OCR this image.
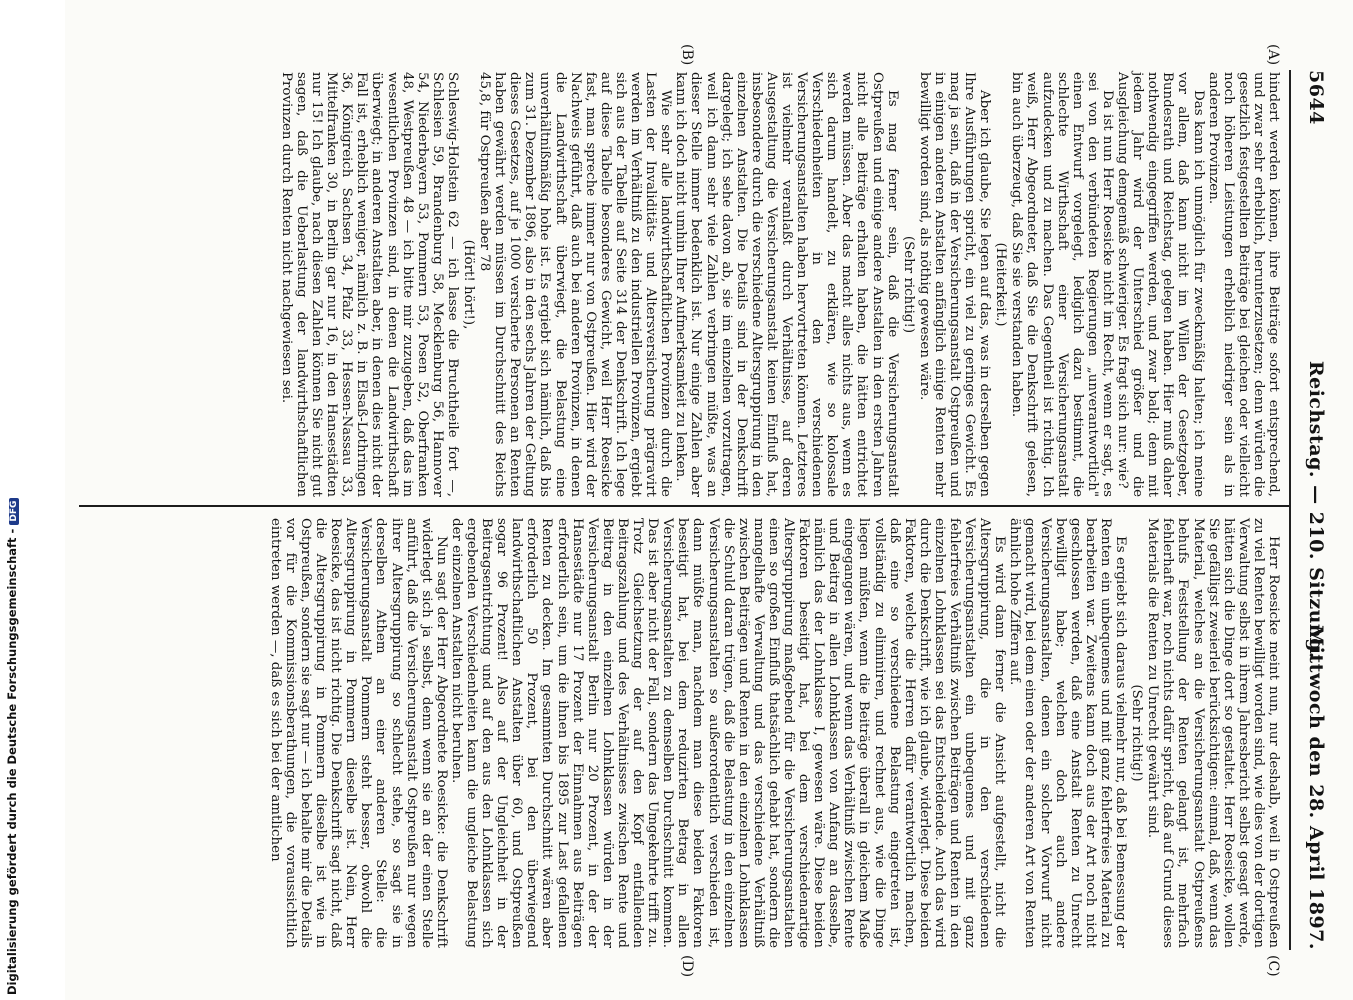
5644
Reichstag. — 210. Sitzung.
Mittwoch den 28. April 1897.
(A)
(B)
(C)
(D)

hindert werden können, ihre Beiträge sofort entsprechend, und zwar sehr erheblich, herunterzusetzen; denn würden die gesetzlich festgestellten Beiträge bei gleichen oder vielleicht noch höheren Leistungen erheblich niedriger sein als in anderen Provinzen.

Das kann ich unmöglich für zweckmäßig halten; ich meine vor allem, daß kann nicht im Willen der Gesetzgeber, Bundesrath und Reichstag, gelegen haben. Hier muß daher nothwendig eingegriffen werden, und zwar bald; denn mit jedem Jahr wird der Unterschied größer und die Ausgleichung demgemäß schwieriger. Es fragt sich nur: wie?

Da ist nun Herr Roesicke nicht im Recht, wenn er sagt, es sei von den verbündeten Regierungen „unverantwortlich" einen Entwurf vorgelegt, lediglich dazu bestimmt, die schlechte Wirthschaft einer Versicherungsanstalt aufzudecken und zu machen. Das Gegentheil ist richtig. Ich weiß, Herr Abgeordneter, daß Sie die Denkschrift gelesen, bin auch überzeugt, daß Sie sie verstanden haben.

(Heiterkeit.)

Aber ich glaube, Sie legen auf das, was in derselben gegen Ihre Ausführungen spricht, ein viel zu geringes Gewicht. Es mag ja sein, daß in der Versicherungsanstalt Ostpreußen und in einigen anderen Anstalten anfänglich einige Renten mehr bewilligt worden sind, als nöthig gewesen wäre.

(Sehr richtig!)

Es mag ferner sein, daß die Versicherungsanstalt Ostpreußen und einige andere Anstalten in den ersten Jahren nicht alle Beiträge erhalten haben, die hätten entrichtet werden müssen. Aber das macht alles nichts aus, wenn es sich darum handelt, zu erklären, wie so kolossale Verschiedenheiten in den verschiedenen Versicherungsanstalten haben hervortreten können. Letzteres ist vielmehr veranlaßt durch Verhältnisse, auf deren Ausgestaltung die Versicherungsanstalt keinen Einfluß hat, insbesondere durch die verschiedene Altersgruppirung in den einzelnen Anstalten. Die Details sind in der Denkschrift dargelegt; ich sehe davon ab, sie im einzelnen vorzutragen, weil ich dann sehr viele Zahlen verbringen müßte, was an dieser Stelle immer bedenklich ist. Nur einige Zahlen aber kann ich doch nicht umhin Ihrer Aufmerksamkeit zu lenken.

Wie sehr alle landwirthschaftlichen Provinzen durch die Lasten der Invaliditäts- und Altersversicherung prägravirt werden im Verhältniß zu den industriellen Provinzen, ergiebt sich aus der Tabelle auf Seite 314 der Denkschrift. Ich lege auf diese Tabelle besonderes Gewicht, weil Herr Roesicke fast, man spreche immer nur von Ostpreußen. Hier wird der Nachweis geführt, daß auch bei anderen Provinzen, in denen die Landwirthschaft überwiegt, die Belastung eine unverhältnißmäßig hohe ist. Es ergiebt sich nämlich, daß bis zum 31. Dezember 1896, also in den sechs Jahren der Geltung dieses Gesetzes, auf je 1000 versicherte Personen an Renten haben gewährt werden müssen im Durchschnitt des Reichs 45,8, für Ostpreußen aber 78

(Hört! hört!),

Schleswig-Holstein 62 — ich lasse die Bruchtheile fort —, Schlesien 59, Brandenburg 58, Mecklenburg 56, Hannover 54, Niederbayern 53, Pommern 53, Posen 52, Oberfranken 48, Westpreußen 48 — ich bitte mir zuzugeben, daß das im wesentlichen Provinzen sind, in denen die Landwirthschaft überwiegt; in anderen Anstalten aber, in denen dies nicht der Fall ist, erheblich weniger, nämlich z. B. in Elsaß-Lothringen 36, Königreich Sachsen 34, Pfalz 33, Hessen-Nassau 33, Mittelfranken 30, in Berlin gar nur 16, in den Hansestädten nur 15! Ich glaube, nach diesen Zahlen können Sie nicht gut sagen, daß die Ueberlastung der landwirthschaftlichen Provinzen durch Renten nicht nachgewiesen sei.

Herr Roesicke meint nun, nur deshalb, weil in Ostpreußen zu viel Renten bewilligt worden sind, wie dies von der dortigen Verwaltung selbst in ihrem Jahresbericht selbst gesagt werde, hätten sich die Dinge dort so gestaltet. Herr Roesicke, wollen Sie gefälligst zweierlei berücksichtigen: einmal, daß, wenn das Material, welches an die Versicherungsanstalt Ostpreußens behufs Feststellung der Renten gelangt ist, mehrfach fehlerhaft war, noch nichts dafür spricht, daß auf Grund dieses Materials die Renten zu Unrecht gewährt sind.

(Sehr richtig!)

Es ergiebt sich daraus vielmehr nur, daß bei Bemessung der Renten ein unbequemes und mit ganz fehlerfreies Material zu bearbeiten war. Zweitens kann doch aus der Art noch nicht geschlossen werden, daß eine Anstalt Renten zu Unrecht bewilligt habe; welchen doch auch andere Versicherungsanstalten, denen ein solcher Vorwurf nicht gemacht wird, bei dem einen oder der anderen Art von Renten ähnlich hohe Ziffern auf.

Es wird dann ferner die Ansicht aufgestellt, nicht die Altersgruppirung, die in den verschiedenen Versicherungsanstalten ein unbequemes und mit ganz fehlerfreies Verhältniß zwischen Beiträgen und Renten in den einzelnen Lohnklassen sei das Entscheidende. Auch das wird durch die Denkschrift, wie ich glaube, widerlegt. Diese beiden Faktoren, welche die Herren dafür verantwortlich machen, daß eine so verschiedene Belastung eingetreten ist, vollständig zu eliminiren, und rechnet aus, wie die Dinge liegen müßten, wenn die Beiträge überall in gleichem Maße eingegangen wären, und wenn das Verhältniß zwischen Rente und Beitrag in allen Lohnklassen von Anfang an dasselbe, nämlich das der Lohnklasse I, gewesen wäre. Diese beiden Faktoren beseitigt hat, bei dem verschiedenartige Altersgruppirung maßgebend für die Versicherungsanstalten einen so großen Einfluß thatsächlich gehabt hat, sondern die mangelhafte Verwaltung und das verschiedene Verhältniß zwischen Beiträgen und Renten in den einzelnen Lohnklassen die Schuld daran trügen, daß die Belastung in den einzelnen Versicherungsanstalten so außerordentlich verschieden ist, dann müßte man, nachdem man diese beiden Faktoren beseitigt hat, bei dem reduzirten Betrag in allen Versicherungsanstalten zu demselben Durchschnitt kommen. Das ist aber nicht der Fall, sondern das Umgekehrte trifft zu. Trotz Gleichsetzung der auf den Kopf entfallenden Beitragszahlung und des Verhältnisses zwischen Rente und Beitrag in den einzelnen Lohnklassen würden in der Versicherungsanstalt Berlin nur 20 Prozent, in der der Hansestädte nur 17 Prozent der Einnahmen aus Beiträgen erforderlich sein, um die ihnen bis 1895 zur Last gefallenen Renten zu decken. Im gesammten Durchschnitt wären aber erforderlich 50 Prozent, bei den überwiegend landwirthschaftlichen Anstalten über 60, und Ostpreußen sogar 96 Prozent! Also auf der Ungleichheit in der Beitragsentrichtung und auf den aus den Lohnklassen sich ergebenden Verschiedenheiten kann die ungleiche Belastung der einzelnen Anstalten nicht beruhen.

Nun sagt der Herr Abgeordnete Roesicke: die Denkschrift widerlegt sich ja selbst, denn wenn sie an der einen Stelle anführt, daß die Versicherungsanstalt Ostpreußen nur wegen ihrer Altersgruppirung so schlecht stehe, so sagt sie in derselben Athem an einer anderen Stelle: die Versicherungsanstalt Pommern steht besser, obwohl die Altersgruppirung in Pommern dieselbe ist. Nein, Herr Roesicke, das ist nicht richtig. Die Denkschrift sagt nicht, daß die Altersgruppirung in Pommern dieselbe ist wie in Ostpreußen, sondern sie sagt nur — ich behalte mir die Details vor für die Kommissionsberathungen, die voraussichtlich eintreten werden —, daß es sich bei der amtlichen

Digitalisierung gefördert durch die Deutsche Forschungsgemeinschaft -DFG
